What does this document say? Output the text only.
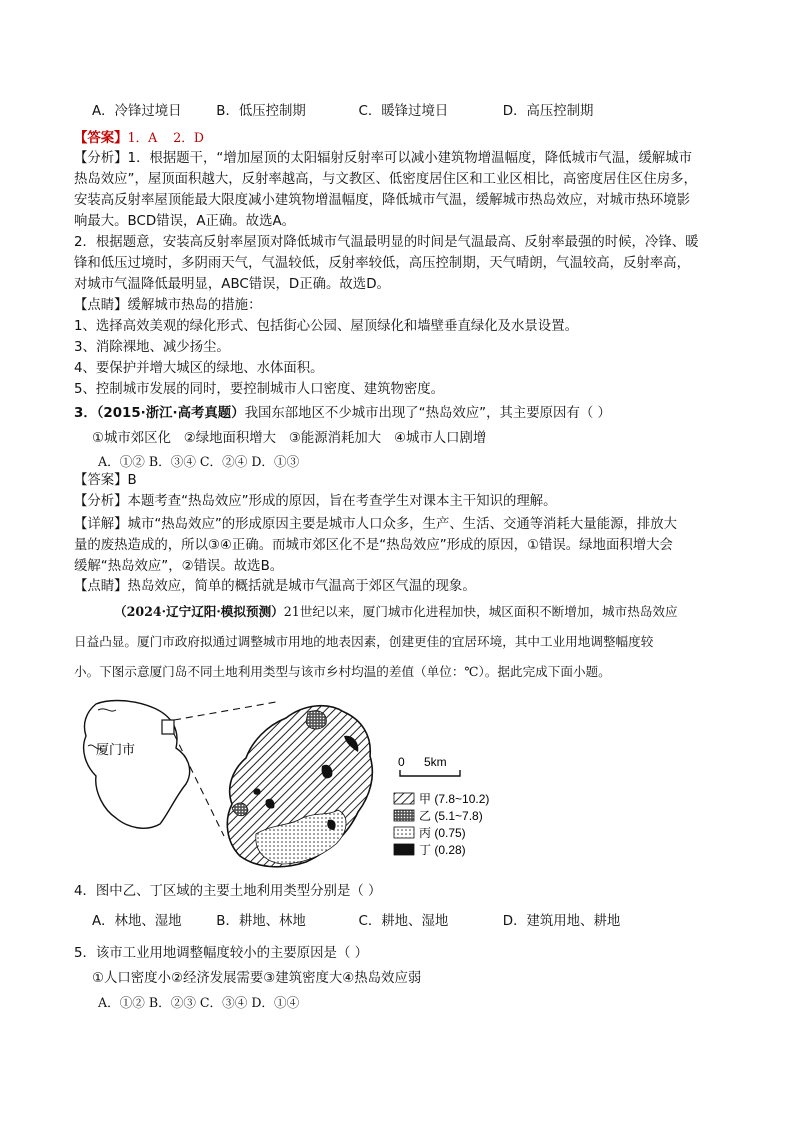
A．冷锋过境日	B．低压控制期	C．暖锋过境日	D．高压控制期
【答案】1．A    2．D
【分析】1．根据题干，“增加屋顶的太阳辐射反射率可以减小建筑物增温幅度，降低城市气温，缓解城市
热岛效应”，屋顶面积越大，反射率越高，与文教区、低密度居住区和工业区相比，高密度居住区住房多，
安装高反射率屋顶能最大限度减小建筑物增温幅度，降低城市气温，缓解城市热岛效应，对城市热环境影
响最大。BCD错误，A正确。故选A。
2．根据题意，安装高反射率屋顶对降低城市气温最明显的时间是气温最高、反射率最强的时候，冷锋、暖
锋和低压过境时，多阴雨天气，气温较低，反射率较低，高压控制期，天气晴朗，气温较高，反射率高，
对城市气温降低最明显，ABC错误，D正确。故选D。
【点睛】缓解城市热岛的措施：
1、选择高效美观的绿化形式、包括街心公园、屋顶绿化和墙壁垂直绿化及水景设置。
3、消除裸地、减少扬尘。
4、要保护并增大城区的绿地、水体面积。
5、控制城市发展的同时，要控制城市人口密度、建筑物密度。
3．（2015·浙江·高考真题）我国东部地区不少城市出现了“热岛效应”，其主要原因有（ ）
①城市郊区化   ②绿地面积增大   ③能源消耗加大   ④城市人口剧增
A．①② B．③④ C．②④ D．①③
【答案】B
【分析】本题考查“热岛效应”形成的原因，旨在考查学生对课本主干知识的理解。
【详解】城市“热岛效应”的形成原因主要是城市人口众多，生产、生活、交通等消耗大量能源，排放大
量的废热造成的，所以③④正确。而城市郊区化不是“热岛效应”形成的原因，①错误。绿地面积增大会
缓解“热岛效应”，②错误。故选B。
【点睛】热岛效应，简单的概括就是城市气温高于郊区气温的现象。
（2024·辽宁辽阳·模拟预测）21世纪以来，厦门城市化进程加快，城区面积不断增加，城市热岛效应
日益凸显。厦门市政府拟通过调整城市用地的地表因素，创建更佳的宜居环境，其中工业用地调整幅度较
小。下图示意厦门岛不同土地利用类型与该市乡村均温的差值（单位：℃）。据此完成下面小题。
厦门市
0 5km
甲 (7.8~10.2)
乙 (5.1~7.8)
丙 (0.75)
丁 (0.28)
4．图中乙、丁区域的主要土地利用类型分别是（ ）
A．林地、湿地	B．耕地、林地	C．耕地、湿地	D．建筑用地、耕地
5．该市工业用地调整幅度较小的主要原因是（ ）
①人口密度小②经济发展需要③建筑密度大④热岛效应弱
A．①② B．②③ C．③④ D．①④
